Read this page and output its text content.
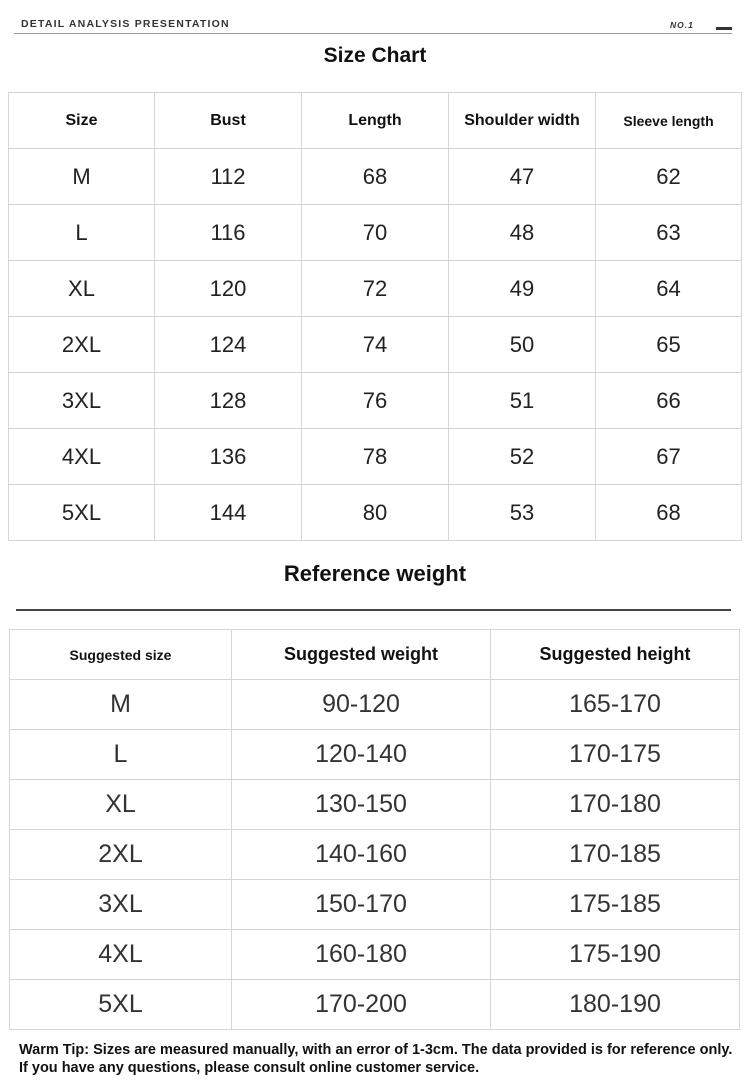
DETAIL ANALYSIS PRESENTATION	NO.1
Size Chart
Size	Bust	Length	Shoulder width	Sleeve length
M	112	68	47	62
L	116	70	48	63
XL	120	72	49	64
2XL	124	74	50	65
3XL	128	76	51	66
4XL	136	78	52	67
5XL	144	80	53	68
Reference weight
Suggested size	Suggested weight	Suggested height
M	90-120	165-170
L	120-140	170-175
XL	130-150	170-180
2XL	140-160	170-185
3XL	150-170	175-185
4XL	160-180	175-190
5XL	170-200	180-190
Warm Tip: Sizes are measured manually, with an error of 1-3cm. The data provided is for reference only. If you have any questions, please consult online customer service.
